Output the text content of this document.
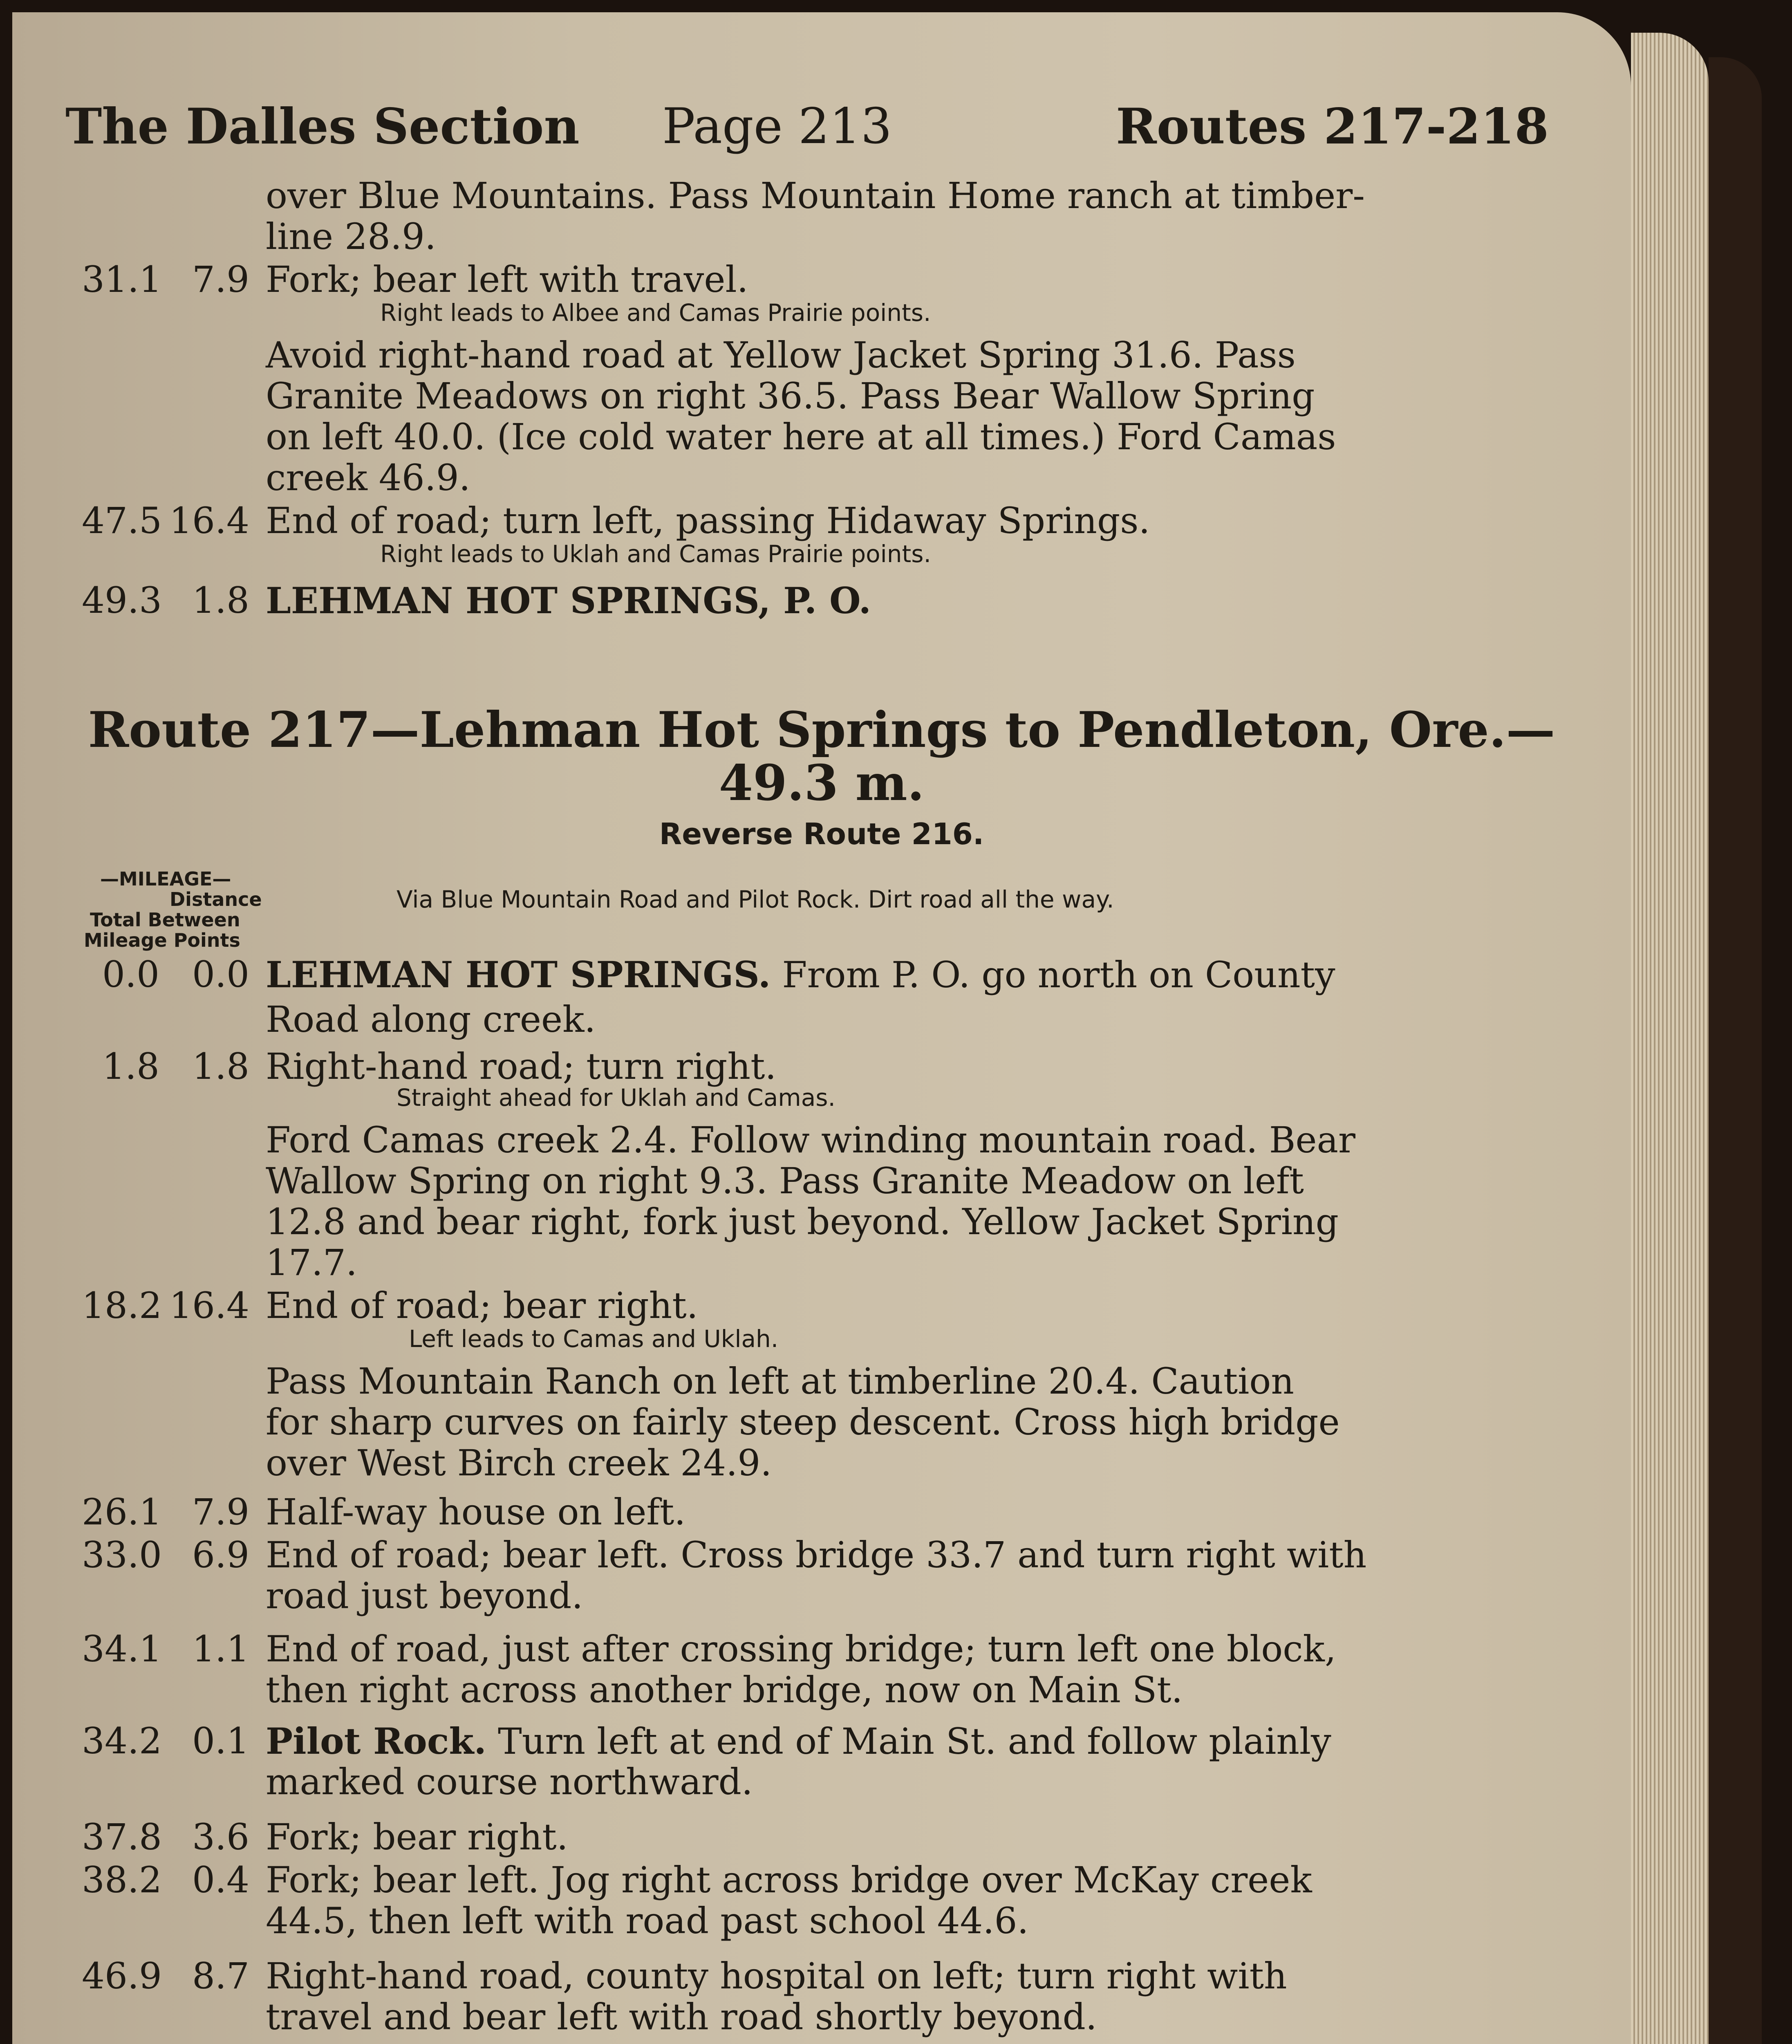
The Dalles Section Page 213	Routes 217-218
over Blue Mountains. Pass Mountain Home ranch at timber-
line 28.9.
31.1 7.9 Fork; bear left with travel.
Right leads to Albee and Camas Prairie points.
Avoid right-hand road at Yellow Jacket Spring 31.6. Pass
Granite Meadows on right 36.5. Pass Bear Wallow Spring
on left 40.0. (Ice cold water here at all times.) Ford Camas
creek 46.9.
47.5 16.4 End of road; turn left, passing Hidaway Springs.
Right leads to Uklah and Camas Prairie points.
49.3 1.8 LEHMAN HOT SPRINGS, P. O.
Route 217—Lehman Hot Springs to Pendleton, Ore.—
49.3 m.
Reverse Route 216.
—MILEAGE—
Distance
Total Between
Mileage Points
Via Blue Mountain Road and Pilot Rock. Dirt road all the way.
0.0 0.0 LEHMAN HOT SPRINGS. From P. O. go north on County
Road along creek.
1.8 1.8 Right-hand road; turn right.
Straight ahead for Uklah and Camas.
Ford Camas creek 2.4. Follow winding mountain road. Bear
Wallow Spring on right 9.3. Pass Granite Meadow on left
12.8 and bear right, fork just beyond. Yellow Jacket Spring
17.7.
18.2 16.4 End of road; bear right.
Left leads to Camas and Uklah.
Pass Mountain Ranch on left at timberline 20.4. Caution
for sharp curves on fairly steep descent. Cross high bridge
over West Birch creek 24.9.
26.1 7.9 Half-way house on left.
33.0 6.9 End of road; bear left. Cross bridge 33.7 and turn right with
road just beyond.
34.1 1.1 End of road, just after crossing bridge; turn left one block,
then right across another bridge, now on Main St.
34.2 0.1 Pilot Rock. Turn left at end of Main St. and follow plainly
marked course northward.
37.8 3.6 Fork; bear right.
38.2 0.4 Fork; bear left. Jog right across bridge over McKay creek
44.5, then left with road past school 44.6.
46.9 8.7 Right-hand road, county hospital on left; turn right with
travel and bear left with road shortly beyond.
